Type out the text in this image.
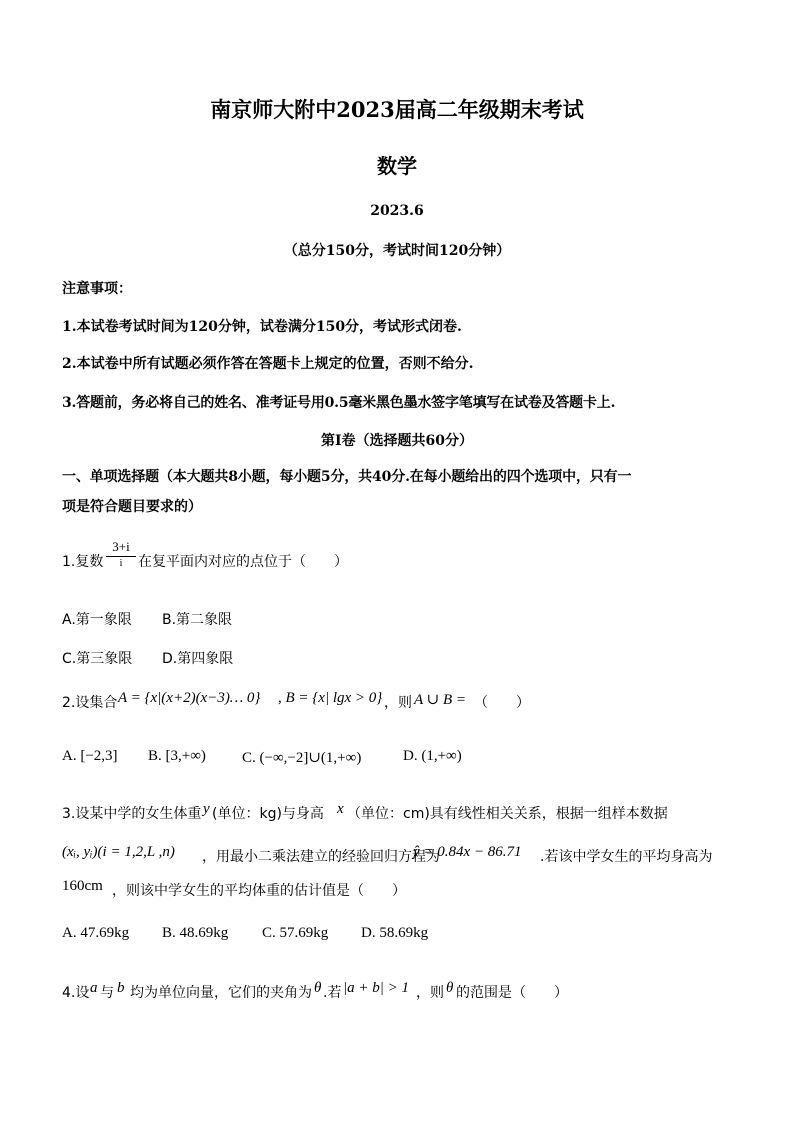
南京师大附中2023届高二年级期末考试
数学
2023.6
（总分150分，考试时间120分钟）
注意事项：
1.本试卷考试时间为120分钟，试卷满分150分，考试形式闭卷.
2.本试卷中所有试题必须作答在答题卡上规定的位置，否则不给分.
3.答题前，务必将自己的姓名、准考证号用0.5毫米黑色墨水签字笔填写在试卷及答题卡上.
第Ⅰ卷（选择题共60分）
一、单项选择题（本大题共8小题，每小题5分，共40分.在每小题给出的四个选项中，只有一
项是符合题目要求的）
1.复数
3+i
i	在复平面内对应的点位于（　　）
A.第一象限 B.第二象限
C.第三象限 D.第四象限
2.设集合 A = {x|(x+2)(x−3)… 0} , B = {x| lgx > 0} ，则 A ∪ B = （　　）
A. [−2,3] B. [3,+∞) C. (−∞,−2]∪(1,+∞)	D. (1,+∞)
3.设某中学的女生体重 y (单位：kg)与身高 x （单位：cm)具有线性相关关系，根据一组样本数据
(xᵢ, yᵢ)(i = 1,2,L ,n) ，用最小二乘法建立的经验回归方程为
ŷ = 0.84x − 86.71 .若该中学女生的平均身高为
160cm ，则该中学女生的平均体重的估计值是（　　）
A. 47.69kg B. 48.69kg C. 57.69kg D. 58.69kg
4.设 a 与 b 均为单位向量，它们的夹角为 θ .若 |a + b| > 1 ，则 θ 的范围是（　　）
